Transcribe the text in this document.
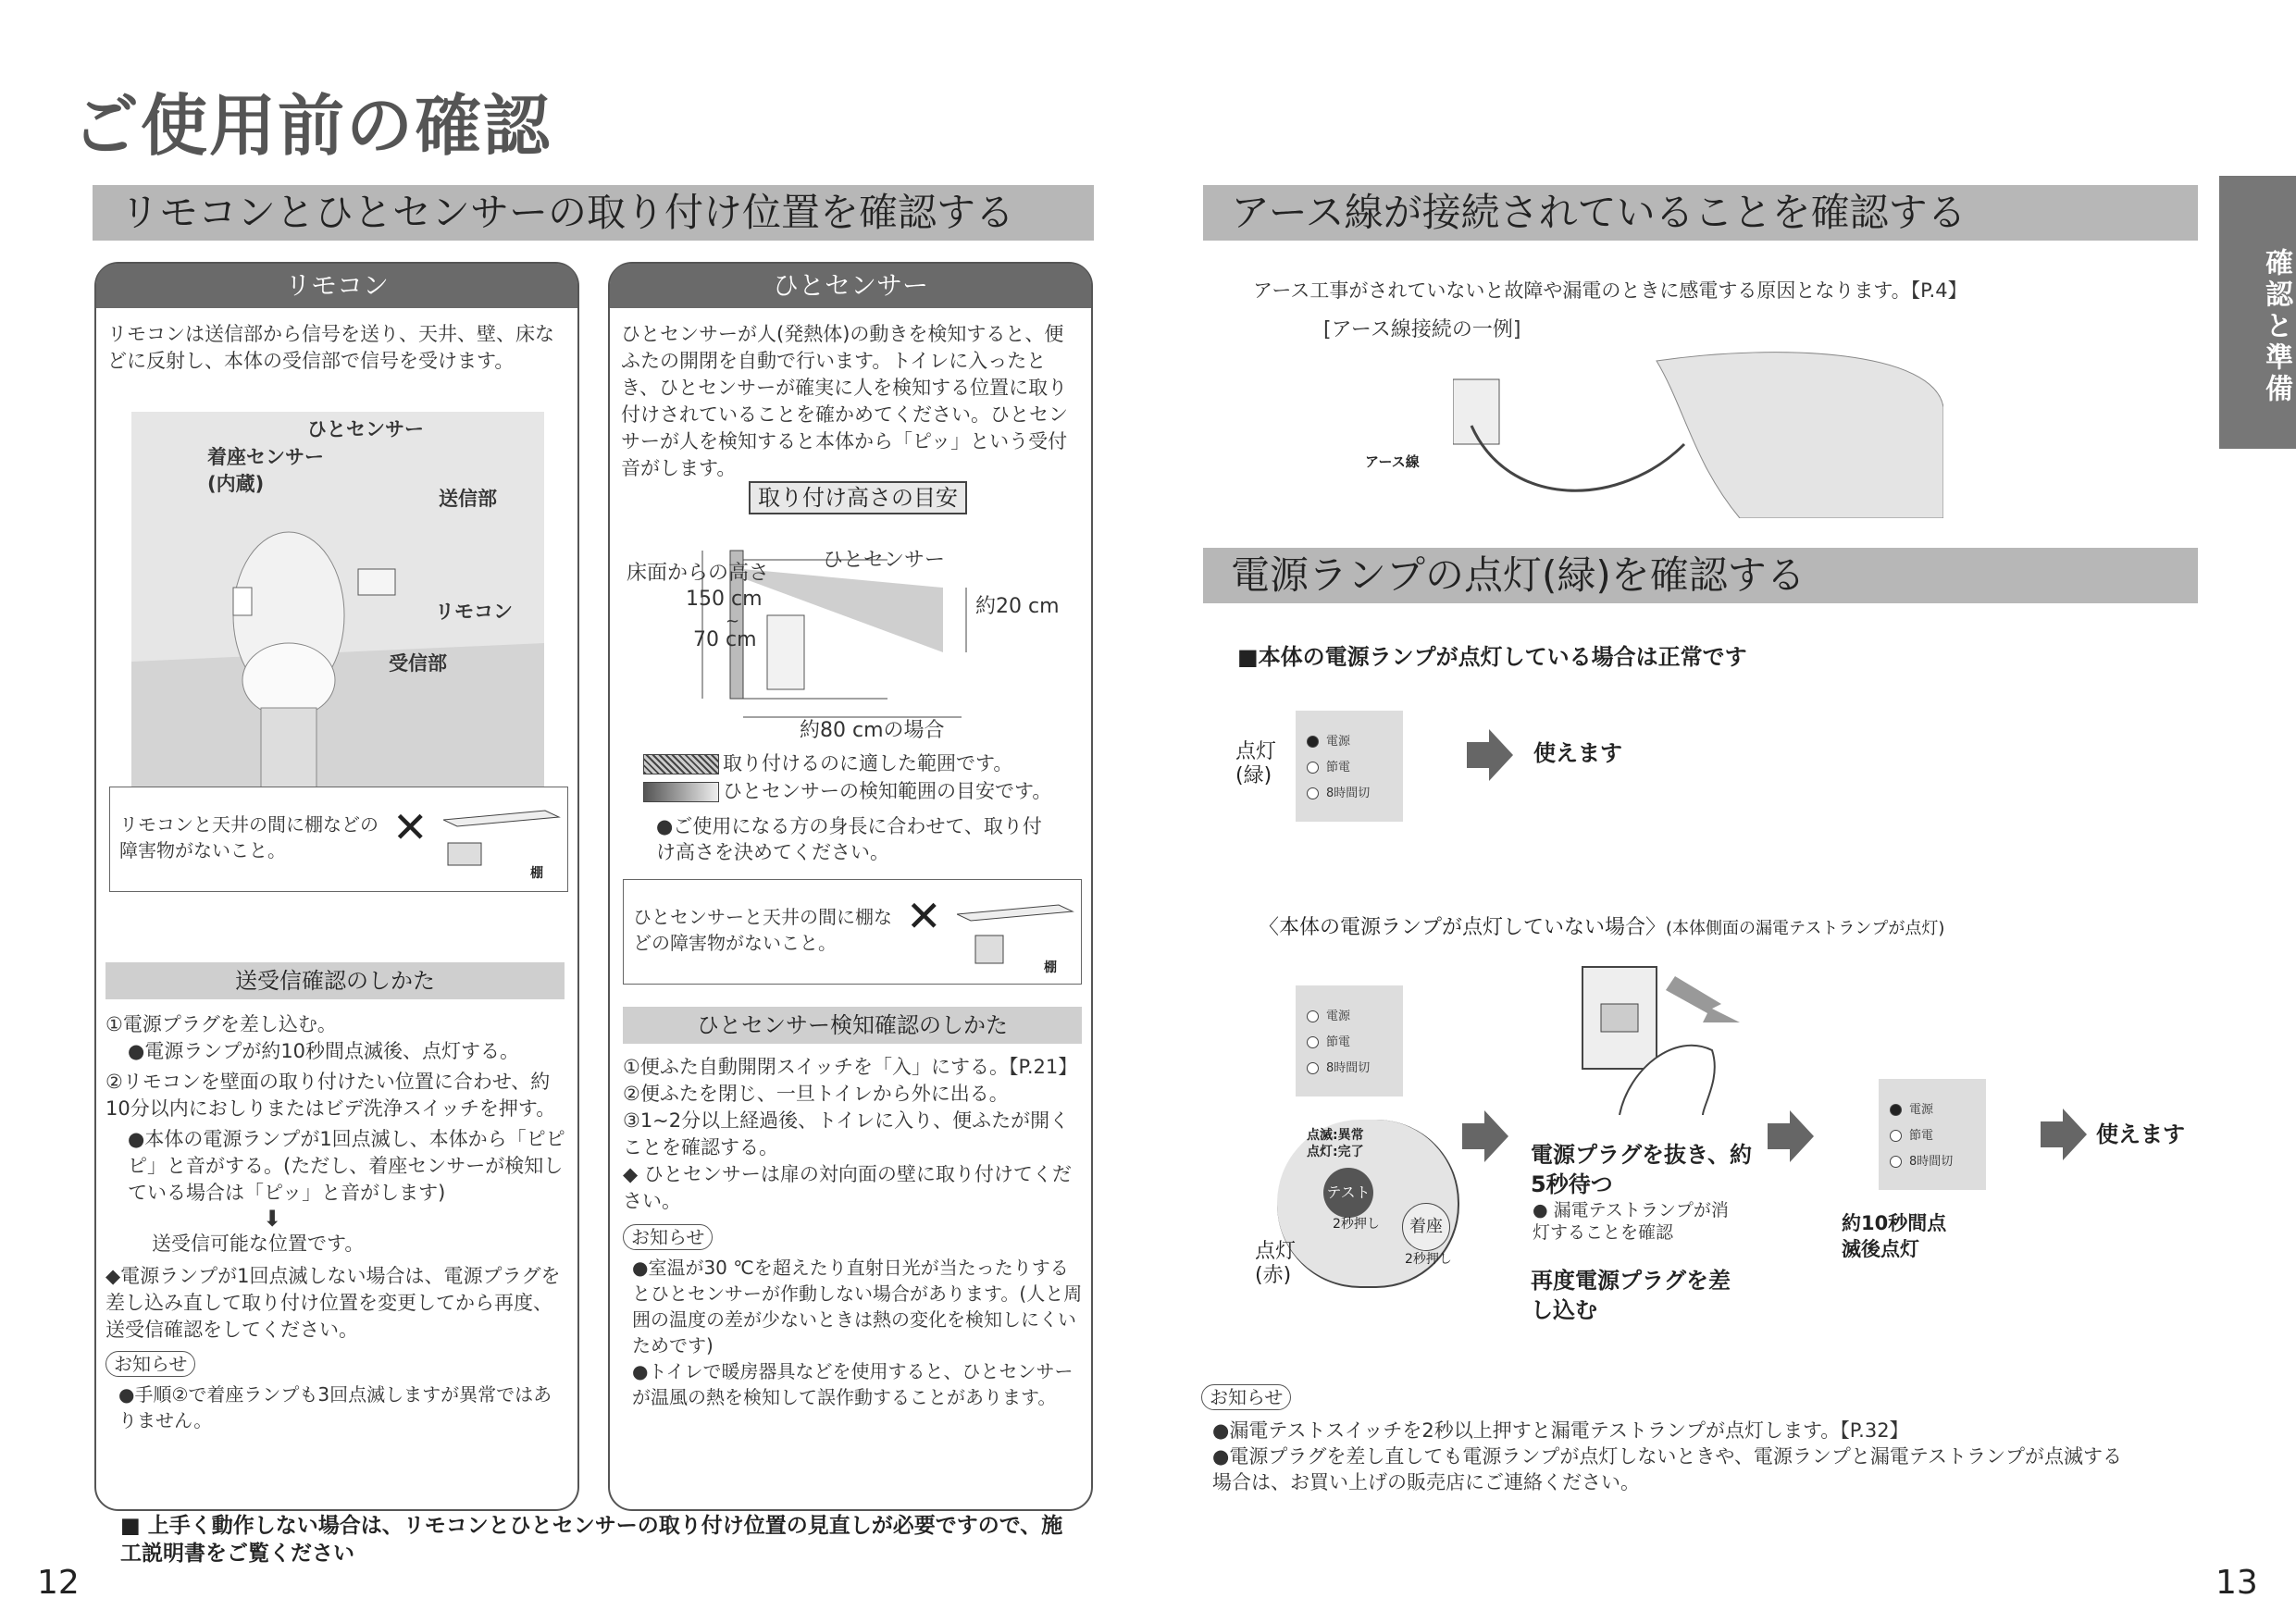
ご使用前の確認
リモコンとひとセンサーの取り付け位置を確認する
リモコン
リモコンは送信部から信号を送り、天井、壁、床などに反射し、本体の受信部で信号を受けます。
ひとセンサー
着座センサー
(内蔵)
送信部
リモコン
受信部
リモコンと天井の間に棚などの障害物がないこと。	✕
棚
送受信確認のしかた
①電源プラグを差し込む。
●電源ランプが約10秒間点滅後、点灯する。
②リモコンを壁面の取り付けたい位置に合わせ、約10分以内におしりまたはビデ洗浄スイッチを押す。
●本体の電源ランプが1回点滅し、本体から「ピピピ」と音がする。(ただし、着座センサーが検知している場合は「ピッ」と音がします)
⬇
送受信可能な位置です。
◆電源ランプが1回点滅しない場合は、電源プラグを差し込み直して取り付け位置を変更してから再度、送受信確認をしてください。
お知らせ
●手順②で着座ランプも3回点滅しますが異常ではありません。
ひとセンサー
ひとセンサーが人(発熱体)の動きを検知すると、便ふたの開閉を自動で行います。トイレに入ったとき、ひとセンサーが確実に人を検知する位置に取り付けされていることを確かめてください。ひとセンサーが人を検知すると本体から「ピッ」という受付音がします。
取り付け高さの目安
床面からの高さ
150 cm
~
70 cm
ひとセンサー
約20 cm
約80 cmの場合
取り付けるのに適した範囲です。
ひとセンサーの検知範囲の目安です。
●ご使用になる方の身長に合わせて、取り付け高さを決めてください。
ひとセンサーと天井の間に棚などの障害物がないこと。
✕
棚
ひとセンサー検知確認のしかた
①便ふた自動開閉スイッチを「入」にする。【P.21】
②便ふたを閉じ、一旦トイレから外に出る。
③1~2分以上経過後、トイレに入り、便ふたが開くことを確認する。
◆ ひとセンサーは扉の対向面の壁に取り付けてください。
お知らせ
●室温が30 ℃を超えたり直射日光が当たったりするとひとセンサーが作動しない場合があります。(人と周囲の温度の差が少ないときは熱の変化を検知しにくいためです)
●トイレで暖房器具などを使用すると、ひとセンサーが温風の熱を検知して誤作動することがあります。
■ 上手く動作しない場合は、リモコンとひとセンサーの取り付け位置の見直しが必要ですので、施工説明書をご覧ください
12
アース線が接続されていることを確認する
アース工事がされていないと故障や漏電のときに感電する原因となります。【P.4】
[アース線接続の一例]
アース線
電源ランプの点灯(緑)を確認する
■本体の電源ランプが点灯している場合は正常です
点灯(緑)
電源
節電
8時間切
使えます
〈本体の電源ランプが点灯していない場合〉(本体側面の漏電テストランプが点灯)
電源
節電
8時間切
点滅:異常
点灯:完了
テスト
2秒押し	着座
2秒押し
点灯(赤)
電源プラグを抜き、約5秒待つ
● 漏電テストランプが消灯することを確認
再度電源プラグを差し込む
電源
節電
8時間切
約10秒間点滅後点灯
使えます
お知らせ
●漏電テストスイッチを2秒以上押すと漏電テストランプが点灯します。【P.32】
●電源プラグを差し直しても電源ランプが点灯しないときや、電源ランプと漏電テストランプが点滅する場合は、お買い上げの販売店にご連絡ください。
確認と準備
13
